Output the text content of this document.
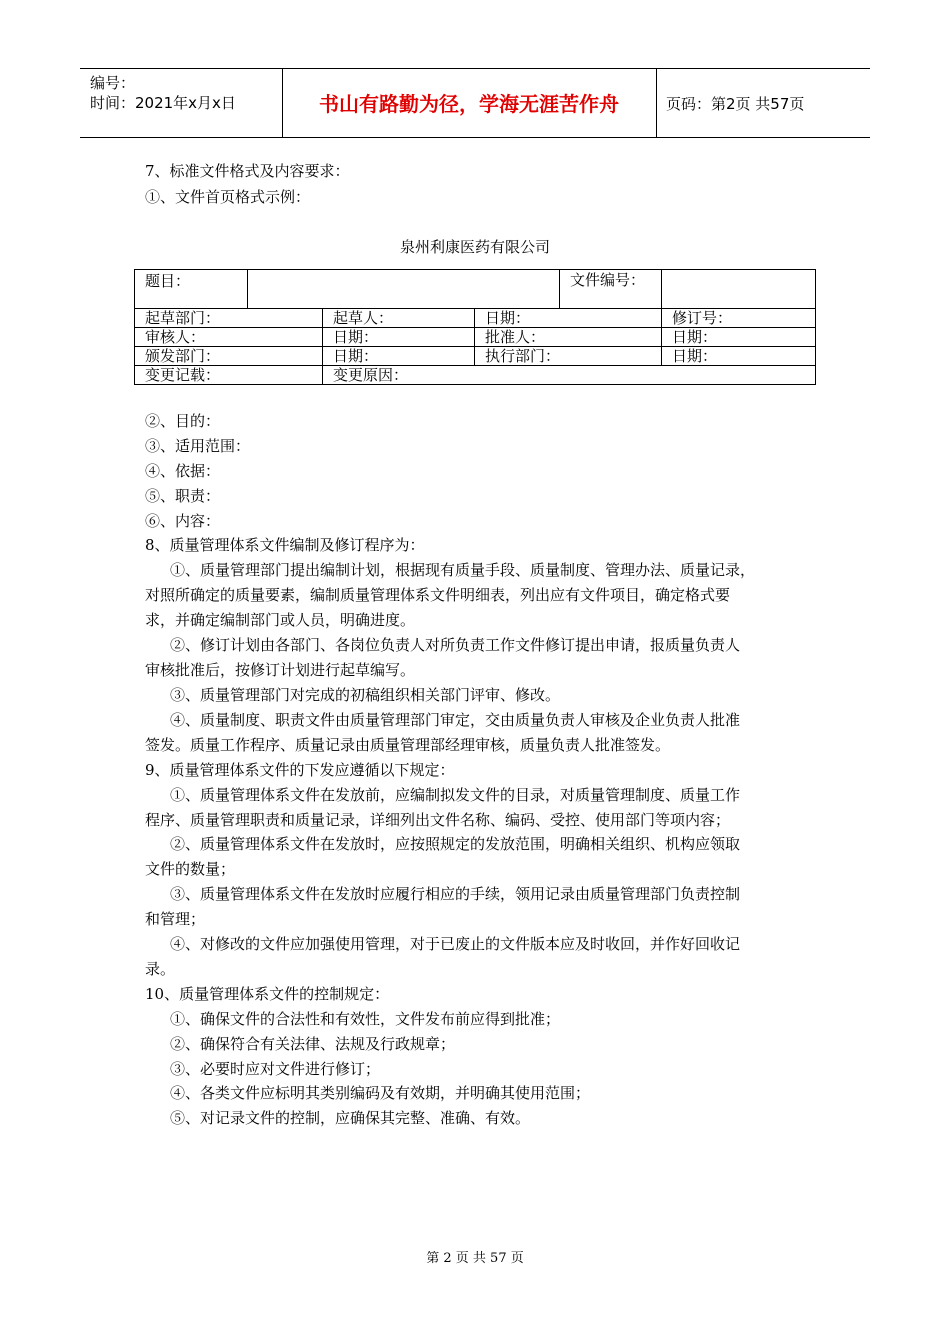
编号：
时间：2021年x月x日	书山有路勤为径，学海无涯苦作舟	页码：第2页 共57页
7、标准文件格式及内容要求：
①、文件首页格式示例：
泉州利康医药有限公司
题目：				文件编号：	
起草部门：		起草人：	日期：		修订号：
审核人：		日期：	批准人：		日期：
颁发部门：		日期：	执行部门：		日期：
变更记载：		变更原因：			
②、目的：
③、适用范围：
④、依据：
⑤、职责：
⑥、内容：
8、质量管理体系文件编制及修订程序为：
①、质量管理部门提出编制计划，根据现有质量手段、质量制度、管理办法、质量记录，
对照所确定的质量要素，编制质量管理体系文件明细表，列出应有文件项目，确定格式要
求，并确定编制部门或人员，明确进度。
②、修订计划由各部门、各岗位负责人对所负责工作文件修订提出申请，报质量负责人
审核批准后，按修订计划进行起草编写。
③、质量管理部门对完成的初稿组织相关部门评审、修改。
④、质量制度、职责文件由质量管理部门审定，交由质量负责人审核及企业负责人批准
签发。质量工作程序、质量记录由质量管理部经理审核，质量负责人批准签发。
9、质量管理体系文件的下发应遵循以下规定：
①、质量管理体系文件在发放前，应编制拟发文件的目录，对质量管理制度、质量工作
程序、质量管理职责和质量记录，详细列出文件名称、编码、受控、使用部门等项内容；
②、质量管理体系文件在发放时，应按照规定的发放范围，明确相关组织、机构应领取
文件的数量；
③、质量管理体系文件在发放时应履行相应的手续，领用记录由质量管理部门负责控制
和管理；
④、对修改的文件应加强使用管理，对于已废止的文件版本应及时收回，并作好回收记
录。
10、质量管理体系文件的控制规定：
①、确保文件的合法性和有效性，文件发布前应得到批准；
②、确保符合有关法律、法规及行政规章；
③、必要时应对文件进行修订；
④、各类文件应标明其类别编码及有效期，并明确其使用范围；
⑤、对记录文件的控制，应确保其完整、准确、有效。
第 2 页 共 57 页
